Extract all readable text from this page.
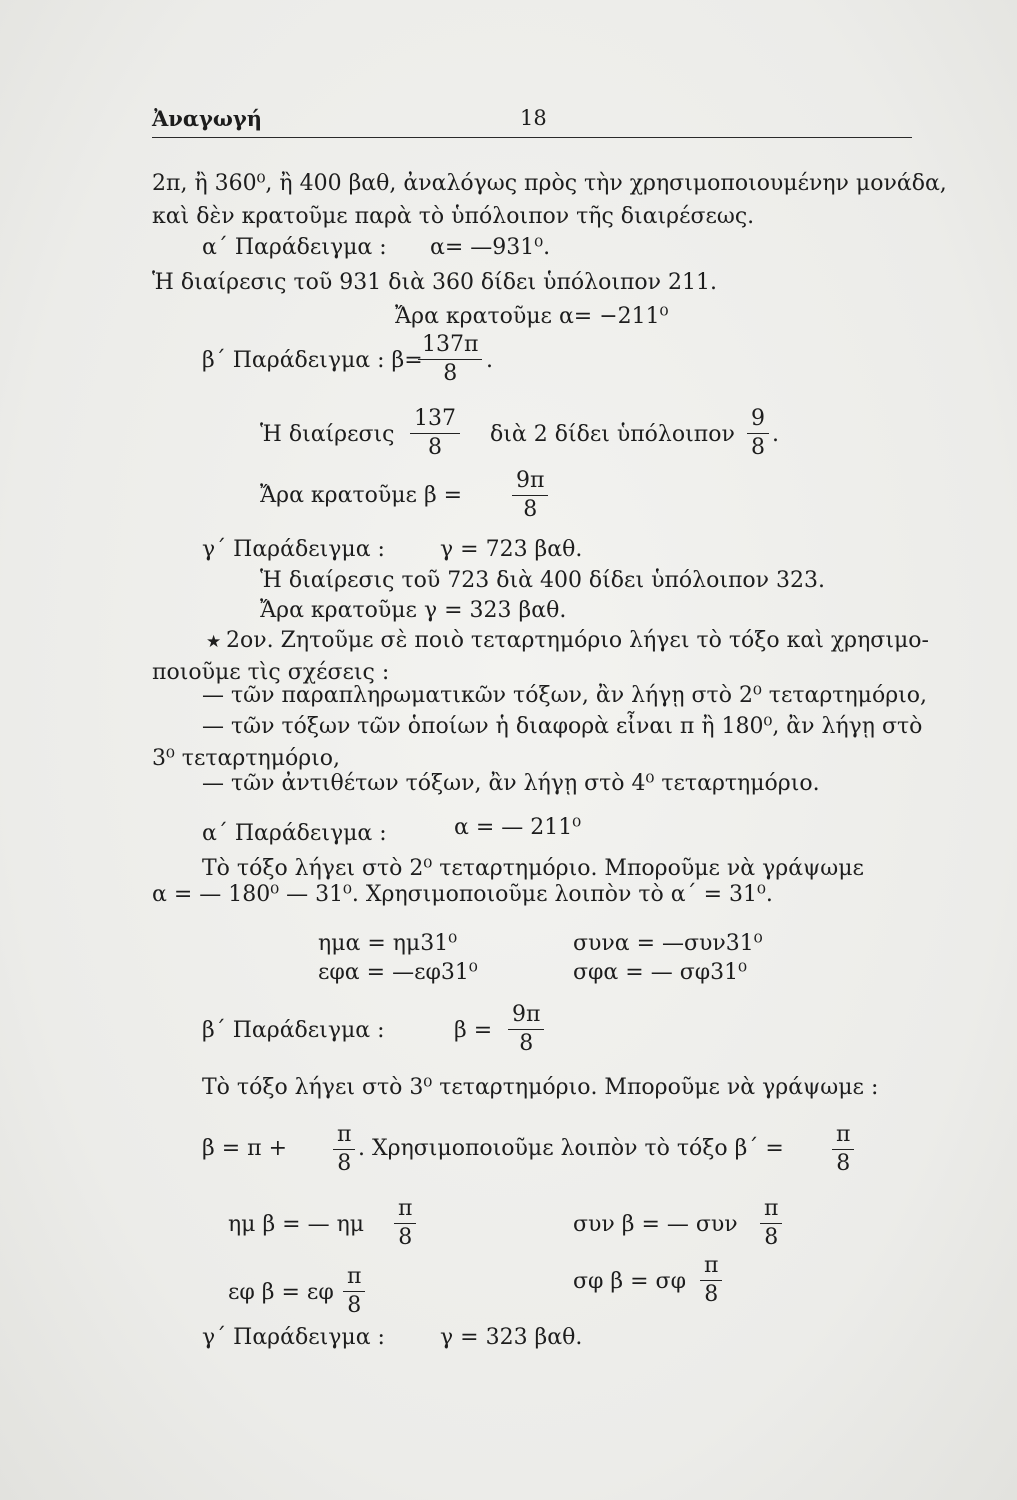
Ἀναγωγή	18
2π, ἢ 360⁰, ἢ 400 βαθ, ἀναλόγως πρὸς τὴν χρησιμοποιουμένην μονάδα,
καὶ δὲν κρατοῦμε παρὰ τὸ ὑπόλοιπον τῆς διαιρέσεως.
α΄ Παράδειγμα : α= —931⁰.
Ἡ διαίρεσις τοῦ 931 διὰ 360 δίδει ὑπόλοιπον 211.
Ἄρα κρατοῦμε α= −211⁰
β΄ Παράδειγμα : β=
$\frac{137\pi}{8}$ .
Ἡ διαίρεσις $\frac{137}{8}$ διὰ 2 δίδει ὑπόλοιπον $\frac{9}{8}$ .
Ἄρα κρατοῦμε $\beta = \frac{9\pi}{8}$
γ΄ Παράδειγμα :	γ = 723 βαθ.
Ἡ διαίρεσις τοῦ 723 διὰ 400 δίδει ὑπόλοιπον 323.
Ἄρα κρατοῦμε γ = 323 βαθ.
★ 2ον. Ζητοῦμε σὲ ποιὸ τεταρτημόριο λήγει τὸ τόξο καὶ χρησιμο-
ποιοῦμε τὶς σχέσεις :
— τῶν παραπληρωματικῶν τόξων, ἂν λήγῃ στὸ 2⁰ τεταρτημόριο,
— τῶν τόξων τῶν ὁποίων ἡ διαφορὰ εἶναι π ἢ 180⁰, ἂν λήγῃ στὸ
3⁰ τεταρτημόριο,
— τῶν ἀντιθέτων τόξων, ἂν λήγῃ στὸ 4⁰ τεταρτημόριο.
α΄ Παράδειγμα :	α = — 211⁰
Τὸ τόξο λήγει στὸ 2⁰ τεταρτημόριο. Μποροῦμε νὰ γράψωμε
α = — 180⁰ — 31⁰. Χρησιμοποιοῦμε λοιπὸν τὸ α΄ = 31⁰.
ημα = ημ31⁰	συνα = —συν31⁰
εφα = —εφ31⁰	σφα = — σφ31⁰
β΄ Παράδειγμα :	$\beta = \frac{9\pi}{8}$
Τὸ τόξο λήγει στὸ 3⁰ τεταρτημόριο. Μποροῦμε νὰ γράψωμε :
$\beta = \pi + \frac{\pi}{8}$ . Χρησιμοποιοῦμε λοιπὸν τὸ τόξο $\beta΄ = \frac{\pi}{8}$
ημ β = — ημ $\frac{\pi}{8}$	συν β = — συν $\frac{\pi}{8}$
εφ β = εφ $\frac{\pi}{8}$	σφ β = σφ $\frac{\pi}{8}$
γ΄ Παράδειγμα :	γ = 323 βαθ.
